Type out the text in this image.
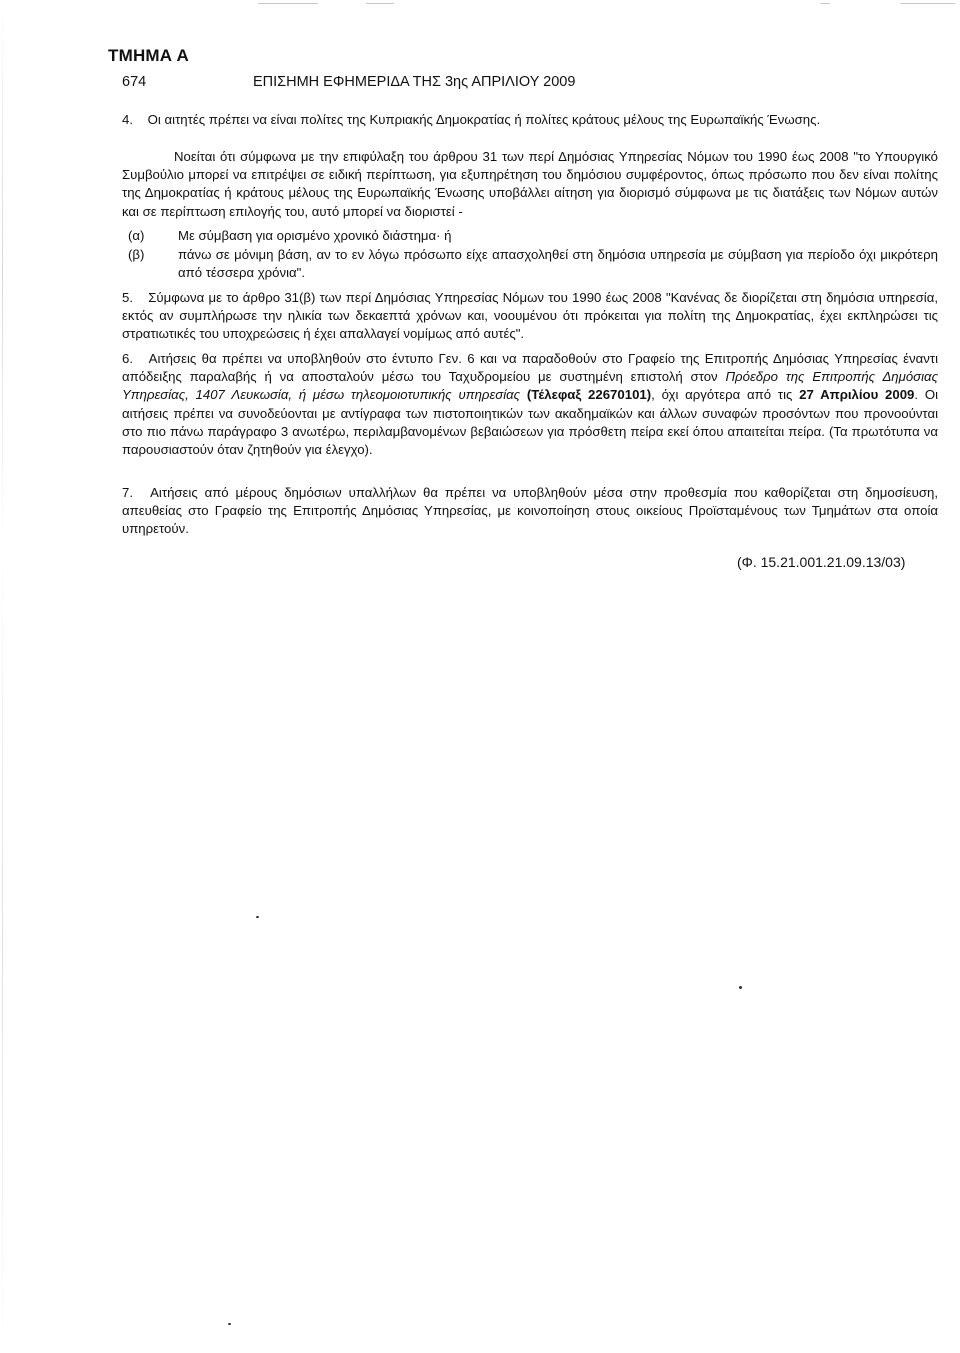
ΤΜΗΜΑ Α
674	ΕΠΙΣΗΜΗ ΕΦΗΜΕΡΙΔΑ ΤΗΣ 3ης ΑΠΡΙΛΙΟΥ 2009
4. Οι αιτητές πρέπει να είναι πολίτες της Κυπριακής Δημοκρατίας ή πολίτες κράτους μέλους της Ευρωπαϊκής Ένωσης.
Νοείται ότι σύμφωνα με την επιφύλαξη του άρθρου 31 των περί Δημόσιας Υπηρεσίας Νόμων του 1990 έως 2008 "το Υπουργικό Συμβούλιο μπορεί να επιτρέψει σε ειδική περίπτωση, για εξυπηρέτηση του δημόσιου συμφέροντος, όπως πρόσωπο που δεν είναι πολίτης της Δημοκρατίας ή κράτους μέλους της Ευρωπαϊκής Ένωσης υποβάλλει αίτηση για διορισμό σύμφωνα με τις διατάξεις των Νόμων αυτών και σε περίπτωση επιλογής του, αυτό μπορεί να διοριστεί -
(α)	Με σύμβαση για ορισμένο χρονικό διάστημα· ή
(β)	πάνω σε μόνιμη βάση, αν το εν λόγω πρόσωπο είχε απασχοληθεί στη δημόσια υπηρεσία με σύμβαση για περίοδο όχι μικρότερη από τέσσερα χρόνια".
5. Σύμφωνα με το άρθρο 31(β) των περί Δημόσιας Υπηρεσίας Νόμων του 1990 έως 2008 "Κανένας δε διορίζεται στη δημόσια υπηρεσία, εκτός αν συμπλήρωσε την ηλικία των δεκαεπτά χρόνων και, νοουμένου ότι πρόκειται για πολίτη της Δημοκρατίας, έχει εκπληρώσει τις στρατιωτικές του υποχρεώσεις ή έχει απαλλαγεί νομίμως από αυτές".
6. Αιτήσεις θα πρέπει να υποβληθούν στο έντυπο Γεν. 6 και να παραδοθούν στο Γραφείο της Επιτροπής Δημόσιας Υπηρεσίας έναντι απόδειξης παραλαβής ή να αποσταλούν μέσω του Ταχυδρομείου με συστημένη επιστολή στον Πρόεδρο της Επιτροπής Δημόσιας Υπηρεσίας, 1407 Λευκωσία, ή μέσω τηλεομοιοτυπικής υπηρεσίας (Τέλεφαξ 22670101), όχι αργότερα από τις 27 Απριλίου 2009. Οι αιτήσεις πρέπει να συνοδεύονται με αντίγραφα των πιστοποιητικών των ακαδημαϊκών και άλλων συναφών προσόντων που προνοούνται στο πιο πάνω παράγραφο 3 ανωτέρω, περιλαμβανομένων βεβαιώσεων για πρόσθετη πείρα εκεί όπου απαιτείται πείρα. (Τα πρωτότυπα να παρουσιαστούν όταν ζητηθούν για έλεγχο).
7. Αιτήσεις από μέρους δημόσιων υπαλλήλων θα πρέπει να υποβληθούν μέσα στην προθεσμία που καθορίζεται στη δημοσίευση, απευθείας στο Γραφείο της Επιτροπής Δημόσιας Υπηρεσίας, με κοινοποίηση στους οικείους Προϊσταμένους των Τμημάτων στα οποία υπηρετούν.
(Φ. 15.21.001.21.09.13/03)
